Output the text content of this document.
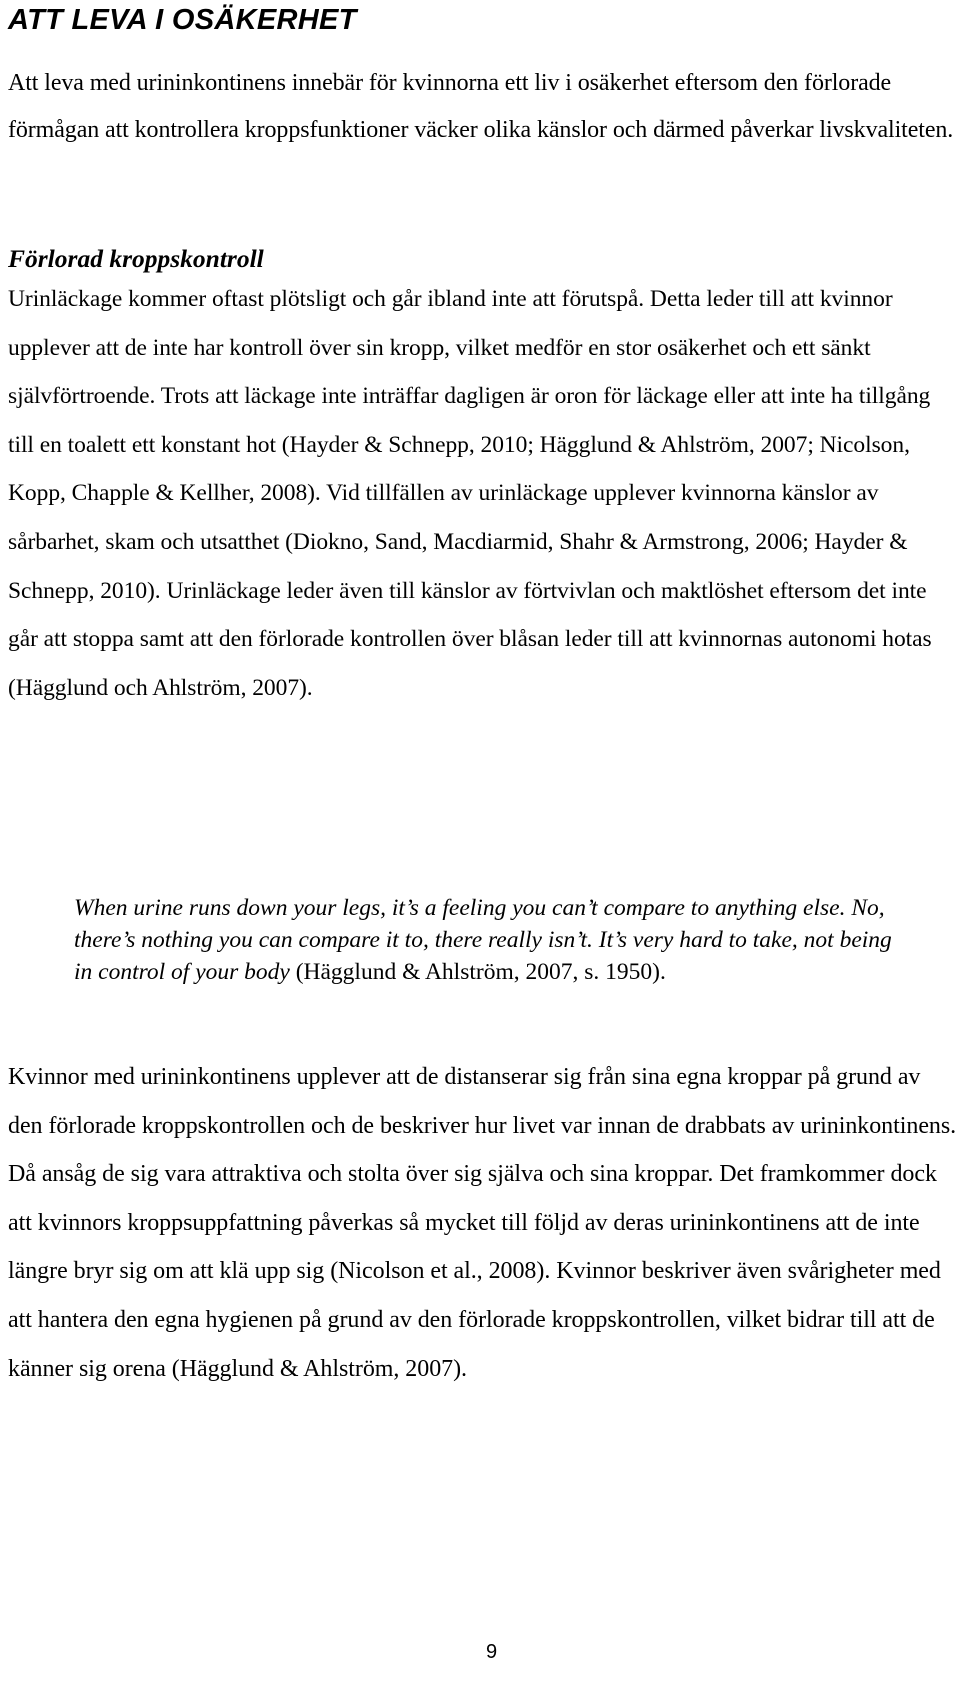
ATT LEVA I OSÄKERHET

Att leva med urininkontinens innebär för kvinnorna ett liv i osäkerhet eftersom den förlorade förmågan att kontrollera kroppsfunktioner väcker olika känslor och därmed påverkar livskvaliteten.

Förlorad kroppskontroll

Urinläckage kommer oftast plötsligt och går ibland inte att förutspå. Detta leder till att kvinnor upplever att de inte har kontroll över sin kropp, vilket medför en stor osäkerhet och ett sänkt självförtroende. Trots att läckage inte inträffar dagligen är oron för läckage eller att inte ha tillgång till en toalett ett konstant hot (Hayder & Schnepp, 2010; Hägglund & Ahlström, 2007; Nicolson, Kopp, Chapple & Kellher, 2008). Vid tillfällen av urinläckage upplever kvinnorna känslor av sårbarhet, skam och utsatthet (Diokno, Sand, Macdiarmid, Shahr & Armstrong, 2006; Hayder & Schnepp, 2010). Urinläckage leder även till känslor av förtvivlan och maktlöshet eftersom det inte går att stoppa samt att den förlorade kontrollen över blåsan leder till att kvinnornas autonomi hotas (Hägglund och Ahlström, 2007).

When urine runs down your legs, it’s a feeling you can’t compare to anything else. No, there’s nothing you can compare it to, there really isn’t. It’s very hard to take, not being in control of your body (Hägglund & Ahlström, 2007, s. 1950).

Kvinnor med urininkontinens upplever att de distanserar sig från sina egna kroppar på grund av den förlorade kroppskontrollen och de beskriver hur livet var innan de drabbats av urininkontinens. Då ansåg de sig vara attraktiva och stolta över sig själva och sina kroppar. Det framkommer dock att kvinnors kroppsuppfattning påverkas så mycket till följd av deras urininkontinens att de inte längre bryr sig om att klä upp sig (Nicolson et al., 2008). Kvinnor beskriver även svårigheter med att hantera den egna hygienen på grund av den förlorade kroppskontrollen, vilket bidrar till att de känner sig orena (Hägglund & Ahlström, 2007).

9
